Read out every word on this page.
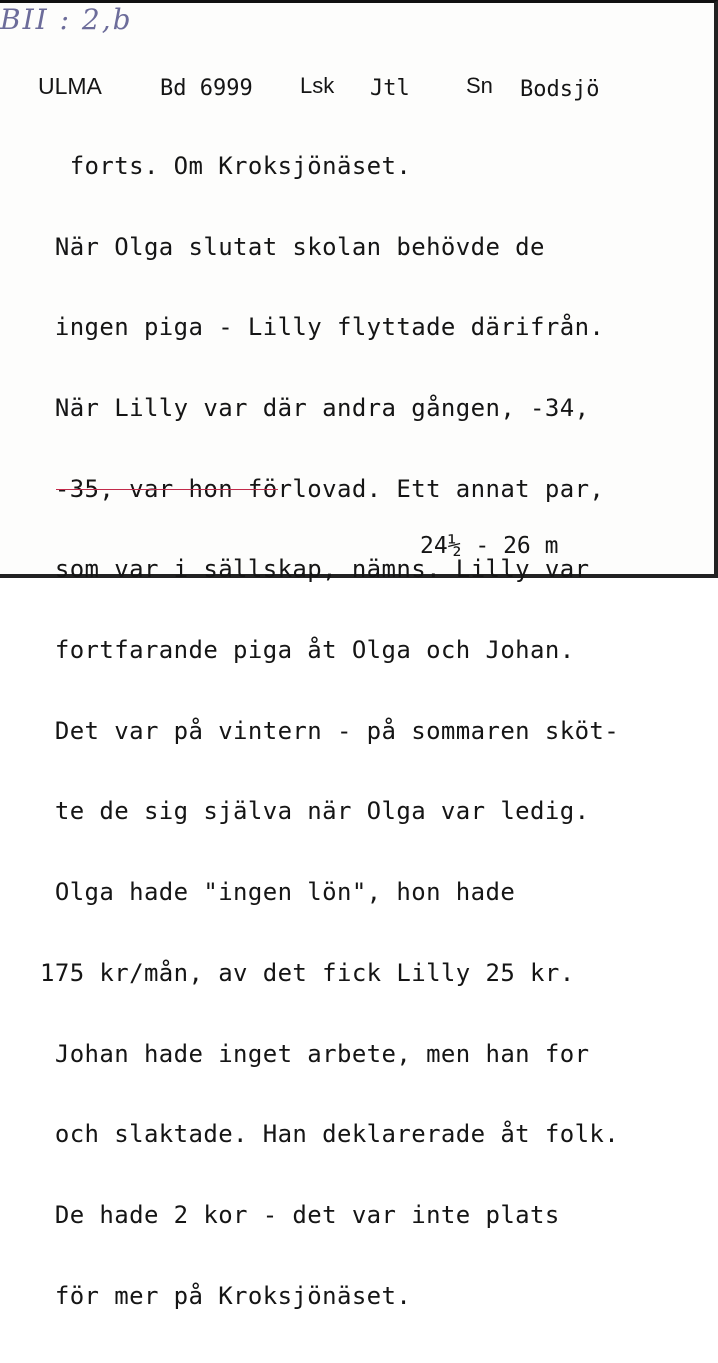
ULMA	Bd 6999 Lsk Jtl	Sn Bodsjö

forts. Om Kroksjönäset.

När Olga slutat skolan behövde de

ingen piga - Lilly flyttade därifrån.

När Lilly var där andra gången, -34,

-35, var hon förlovad. Ett annat par,

som var i sällskap, nämns. Lilly var

fortfarande piga åt Olga och Johan.

Det var på vintern - på sommaren sköt-

te de sig själva när Olga var ledig.

Olga hade "ingen lön", hon hade

175 kr/mån, av det fick Lilly 25 kr.

Johan hade inget arbete, men han for

och slaktade. Han deklarerade åt folk.

De hade 2 kor - det var inte plats

för mer på Kroksjönäset.

BII : 2,b
24½ - 26 m
